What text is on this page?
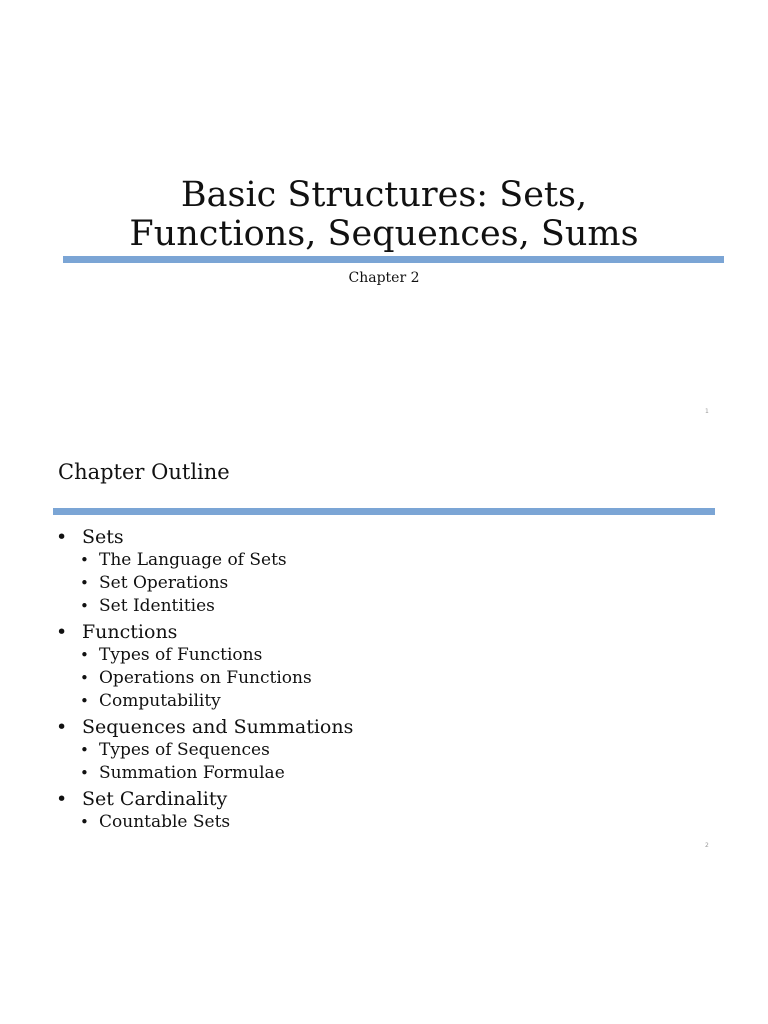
Basic Structures: Sets,
Functions, Sequences, Sums
Chapter 2
1
Chapter Outline
• Sets
• The Language of Sets
• Set Operations
• Set Identities
• Functions
• Types of Functions
• Operations on Functions
• Computability
• Sequences and Summations
• Types of Sequences
• Summation Formulae
• Set Cardinality
• Countable Sets
2
